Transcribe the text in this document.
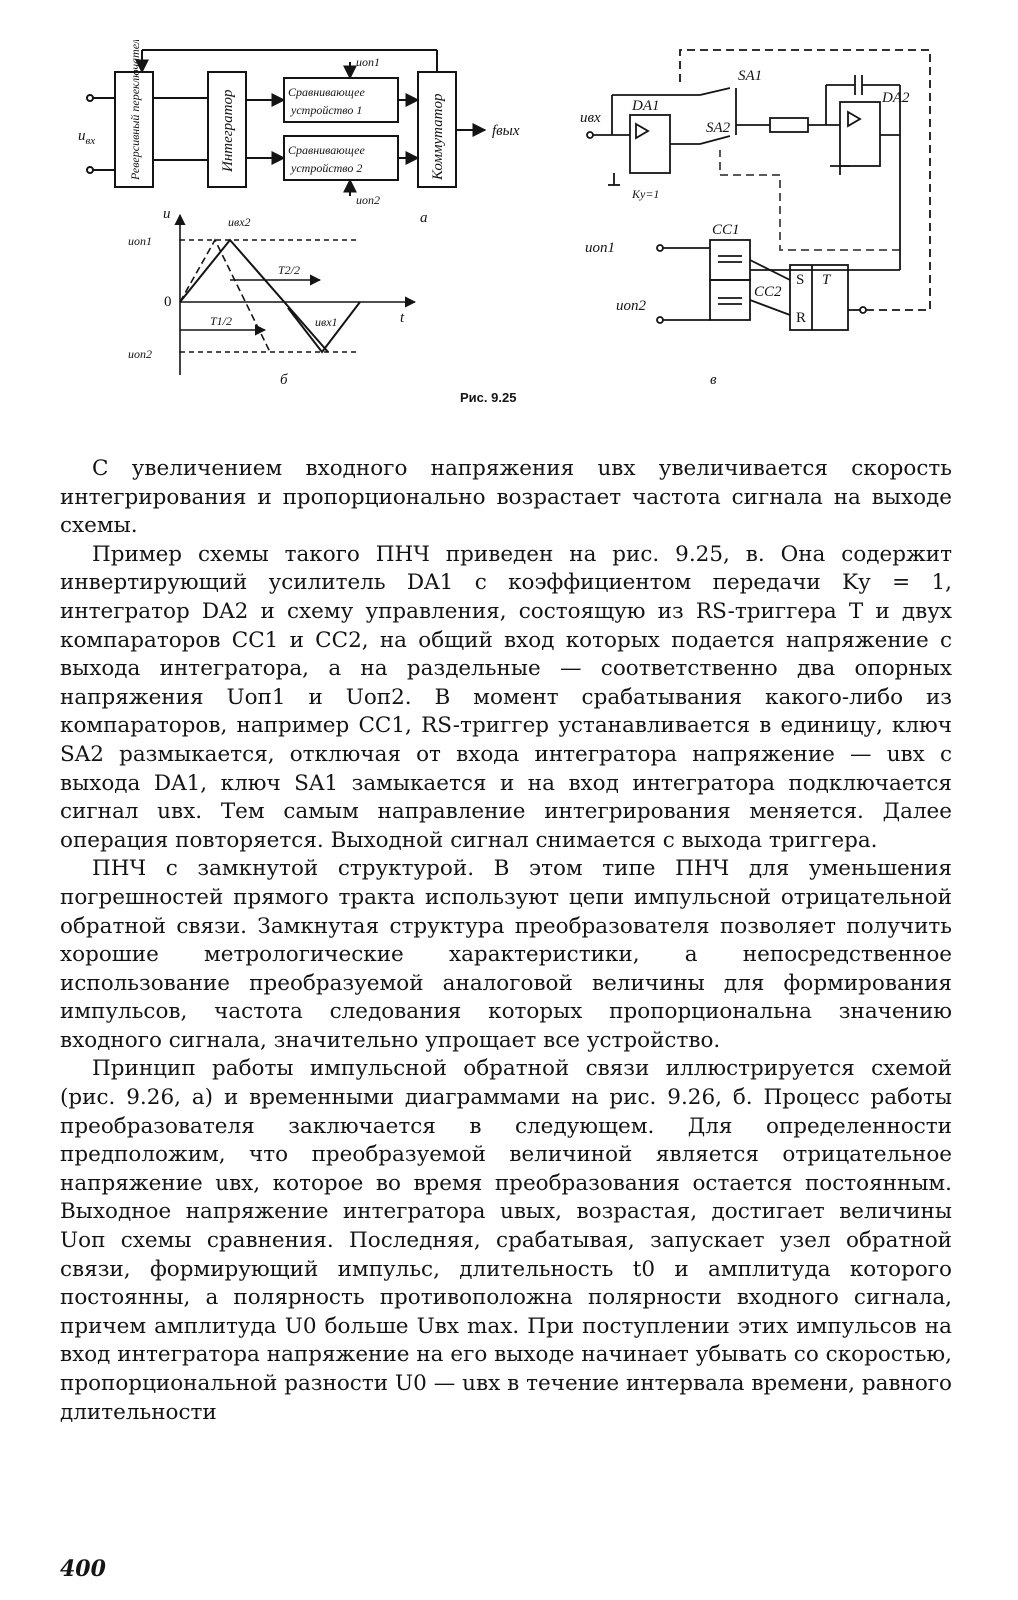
$u_{вх}$	Реверсивный переключатель	Интегратор	Сравнивающее
устройство 1
Сравнивающее
устройство 2	Коммутатор
uоп1
uоп2
fвых
а
u
t
0
uоп1
uоп2
uвх2
uвх1
T1/2
T2/2
б
uвх
DA1	DA2
Kу=1
SA1
SA2
CC1
CC2
uоп1
uоп2
S
R
T
в
Рис. 9.25

С увеличением входного напряжения uвх увеличивается скорость интегрирования и пропорционально возрастает частота сигнала на выходе схемы.

Пример схемы такого ПНЧ приведен на рис. 9.25, в. Она содержит инвертирующий усилитель DA1 с коэффициентом передачи Kу = 1, интегратор DA2 и схему управления, состоящую из RS-триггера T и двух компараторов CC1 и CC2, на общий вход которых подается напряжение с выхода интегратора, а на раздельные — соответственно два опорных напряжения Uоп1 и Uоп2. В момент срабатывания какого-либо из компараторов, например CC1, RS-триггер устанавливается в единицу, ключ SA2 размыкается, отключая от входа интегратора напряжение — uвх с выхода DA1, ключ SA1 замыкается и на вход интегратора подключается сигнал uвх. Тем самым направление интегрирования меняется. Далее операция повторяется. Выходной сигнал снимается с выхода триггера.

ПНЧ с замкнутой структурой. В этом типе ПНЧ для уменьшения погрешностей прямого тракта используют цепи импульсной отрицательной обратной связи. Замкнутая структура преобразователя позволяет получить хорошие метрологические характеристики, а непосредственное использование преобразуемой аналоговой величины для формирования импульсов, частота следования которых пропорциональна значению входного сигнала, значительно упрощает все устройство.

Принцип работы импульсной обратной связи иллюстрируется схемой (рис. 9.26, а) и временными диаграммами на рис. 9.26, б. Процесс работы преобразователя заключается в следующем. Для определенности предположим, что преобразуемой величиной является отрицательное напряжение uвх, которое во время преобразования остается постоянным. Выходное напряжение интегратора uвых, возрастая, достигает величины Uоп схемы сравнения. Последняя, срабатывая, запускает узел обратной связи, формирующий импульс, длительность t0 и амплитуда которого постоянны, а полярность противоположна полярности входного сигнала, причем амплитуда U0 больше Uвх max. При поступлении этих импульсов на вход интегратора напряжение на его выходе начинает убывать со скоростью, пропорциональной разности U0 — uвх в течение интервала времени, равного длительности

400
